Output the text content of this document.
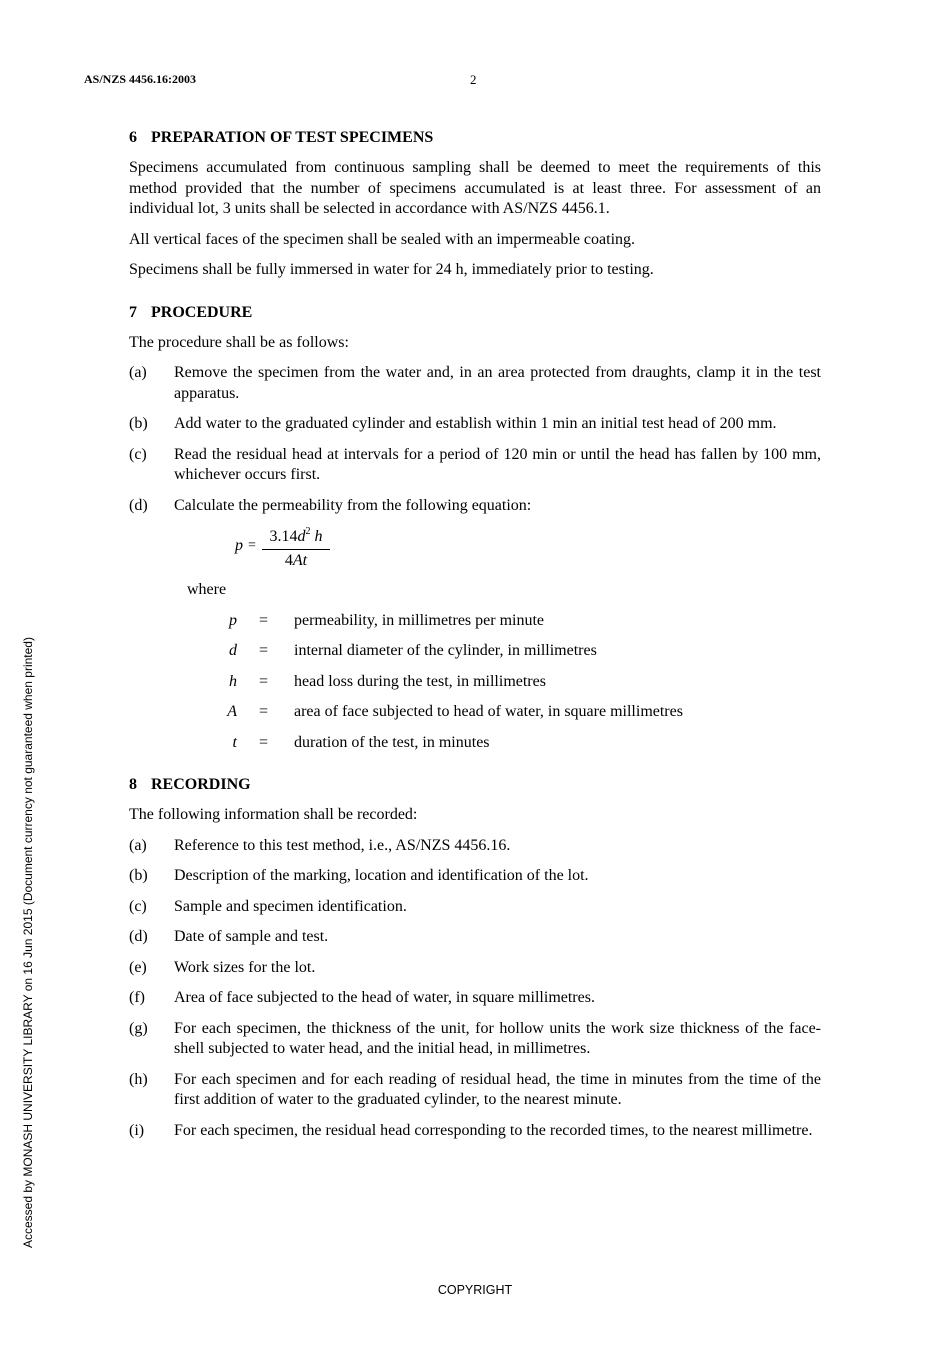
AS/NZS 4456.16:2003	2
6 PREPARATION OF TEST SPECIMENS

Specimens accumulated from continuous sampling shall be deemed to meet the requirements of this method provided that the number of specimens accumulated is at least three. For assessment of an individual lot, 3 units shall be selected in accordance with AS/NZS 4456.1.

All vertical faces of the specimen shall be sealed with an impermeable coating.

Specimens shall be fully immersed in water for 24 h, immediately prior to testing.

7 PROCEDURE

The procedure shall be as follows:

(a)	Remove the specimen from the water and, in an area protected from draughts, clamp it in the test apparatus.
(b)	Add water to the graduated cylinder and establish within 1 min an initial test head of 200 mm.
(c)	Read the residual head at intervals for a period of 120 min or until the head has fallen by 100 mm, whichever occurs first.
(d)	Calculate the permeability from the following equation:
p =
$3.14d^2$ h
4At

where

p	=	permeability, in millimetres per minute
d	=	internal diameter of the cylinder, in millimetres
h	=	head loss during the test, in millimetres
A	=	area of face subjected to head of water, in square millimetres
t	=	duration of the test, in minutes
8 RECORDING

The following information shall be recorded:

(a)	Reference to this test method, i.e., AS/NZS 4456.16.
(b)	Description of the marking, location and identification of the lot.
(c)	Sample and specimen identification.
(d)	Date of sample and test.
(e)	Work sizes for the lot.
(f)	Area of face subjected to the head of water, in square millimetres.
(g)	For each specimen, the thickness of the unit, for hollow units the work size thickness of the face-shell subjected to water head, and the initial head, in millimetres.
(h)	For each specimen and for each reading of residual head, the time in minutes from the time of the first addition of water to the graduated cylinder, to the nearest minute.
(i)	For each specimen, the residual head corresponding to the recorded times, to the nearest millimetre.
Accessed by MONASH UNIVERSITY LIBRARY on 16 Jun 2015 (Document currency not guaranteed when printed)
COPYRIGHT
